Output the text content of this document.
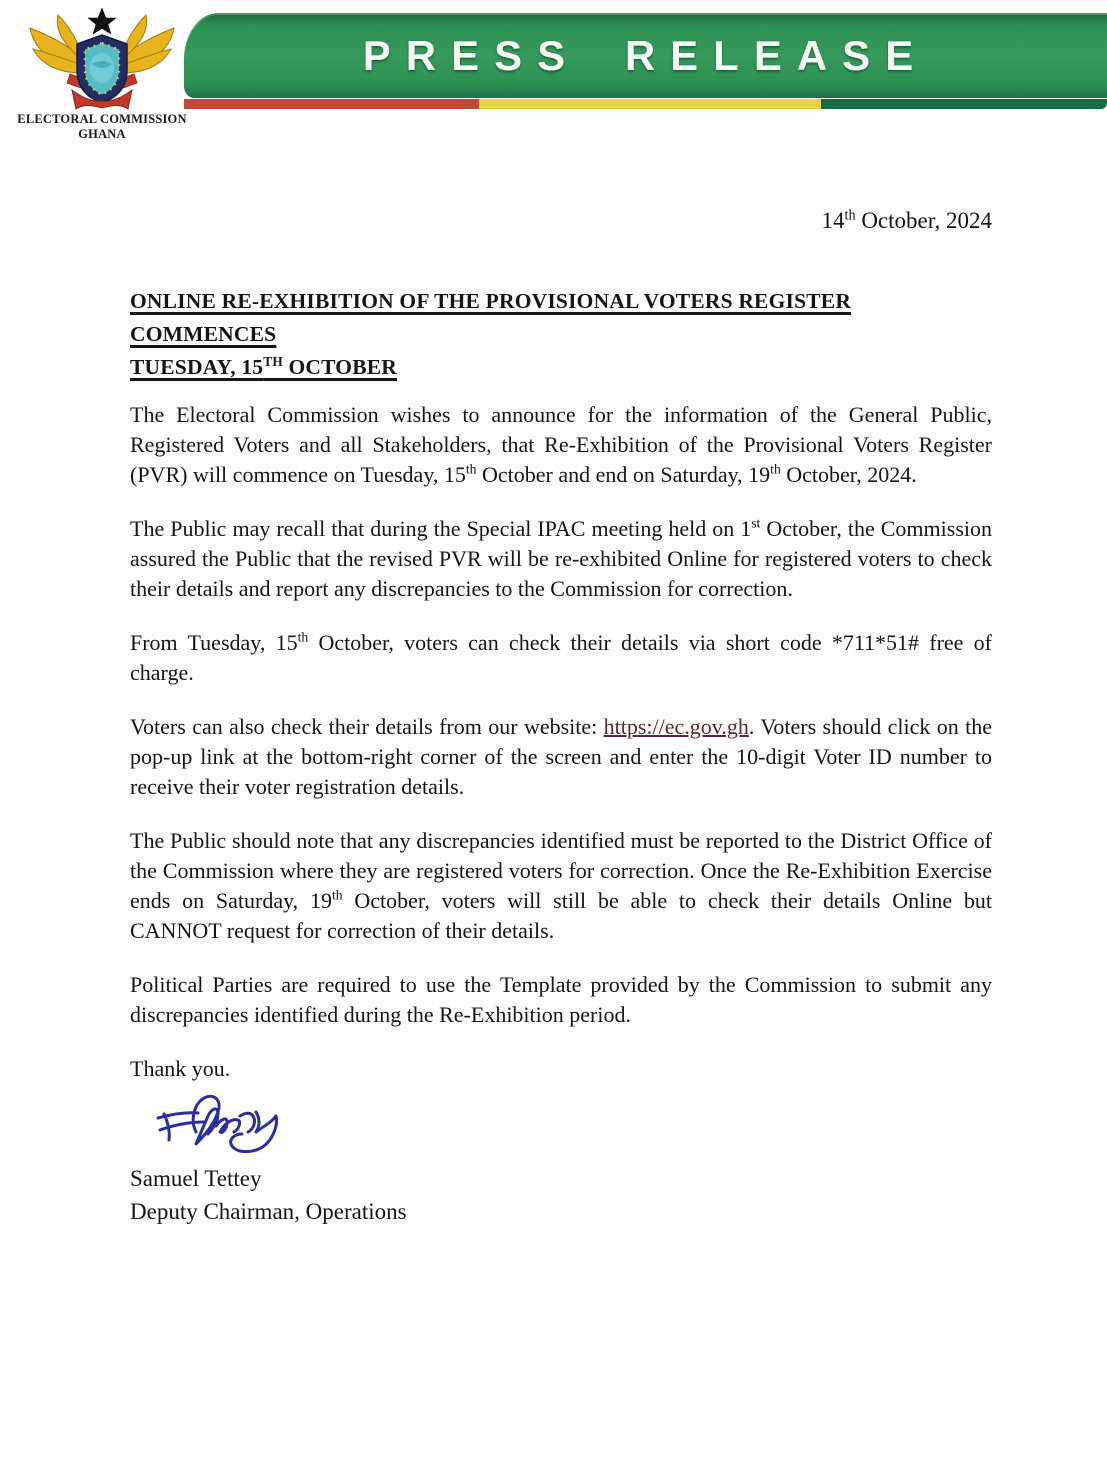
ELECTORAL COMMISSION
GHANA
PRESS RELEASE
14th October, 2024
ONLINE RE-EXHIBITION OF THE PROVISIONAL VOTERS REGISTER COMMENCES
TUESDAY, 15TH OCTOBER

The Electoral Commission wishes to announce for the information of the General Public, Registered Voters and all Stakeholders, that Re-Exhibition of the Provisional Voters Register (PVR) will commence on Tuesday, 15th October and end on Saturday, 19th October, 2024.

The Public may recall that during the Special IPAC meeting held on 1st October, the Commission assured the Public that the revised PVR will be re-exhibited Online for registered voters to check their details and report any discrepancies to the Commission for correction.

From Tuesday, 15th October, voters can check their details via short code *711*51# free of charge.

Voters can also check their details from our website: https://ec.gov.gh. Voters should click on the pop-up link at the bottom-right corner of the screen and enter the 10-digit Voter ID number to receive their voter registration details.

The Public should note that any discrepancies identified must be reported to the District Office of the Commission where they are registered voters for correction. Once the Re-Exhibition Exercise ends on Saturday, 19th October, voters will still be able to check their details Online but CANNOT request for correction of their details.

Political Parties are required to use the Template provided by the Commission to submit any discrepancies identified during the Re-Exhibition period.

Thank you.

Samuel Tettey
Deputy Chairman, Operations
